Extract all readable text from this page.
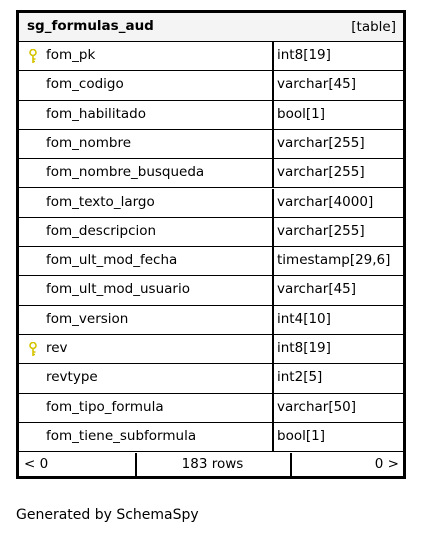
sg_formulas_aud	[table]
fom_pk	int8[19]
fom_codigo	varchar[45]
fom_habilitado	bool[1]
fom_nombre	varchar[255]
fom_nombre_busqueda	varchar[255]
fom_texto_largo	varchar[4000]
fom_descripcion	varchar[255]
fom_ult_mod_fecha	timestamp[29,6]
fom_ult_mod_usuario	varchar[45]
fom_version	int4[10]
rev	int8[19]
revtype	int2[5]
fom_tipo_formula	varchar[50]
fom_tiene_subformula	bool[1]
< 0	183 rows	0 >
Generated by SchemaSpy
